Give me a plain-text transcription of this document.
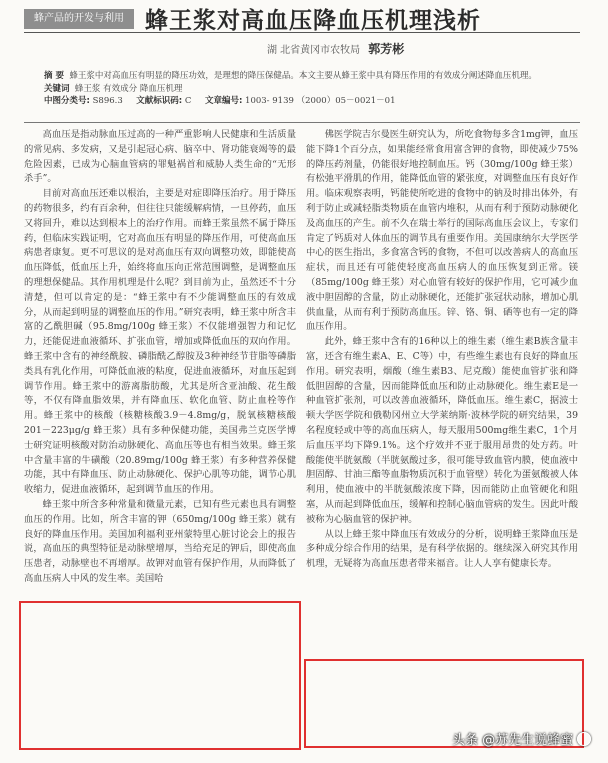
蜂产品的开发与利用 蜂王浆对高血压降血压机理浅析
湖 北省黄冈市农牧局 郭芳彬
摘 要 蜂王浆中对高血压有明显的降压功效，是理想的降压保健品。本文主要从蜂王浆中具有降压作用的有效成分阐述降血压机理。
关键词 蜂王浆 有效成分 降血压机理
中图分类号: S896.3 文献标识码: C 文章编号: 1003- 9139 （2000）05－0021－01

高血压是指动脉血压过高的一种严重影响人民健康和生活质量的常见病、多发病，又是引起冠心病、脑卒中、肾功能衰竭等的最危险因素，已成为心脑血管病的罪魁祸首和威胁人类生命的“无形杀手”。

目前对高血压还难以根治，主要是对症即降压治疗。用于降压的药物很多，约有百余种，但往往只能缓解病情，一旦停药，血压又将回升，难以达到根本上的治疗作用。而蜂王浆虽然不属于降压药，但临床实践证明，它对高血压有明显的降压作用，可使高血压病患者康复。更不可思议的是对高血压有双向调整功效，即能使高血压降低，低血压上升，始终将血压向正常范围调整，是调整血压的理想保健品。其作用机理是什么呢？到目前为止，虽然还不十分清楚，但可以肯定的是：“蜂王浆中有不少能调整血压的有效成分，从而起到明显的调整血压的作用。”研究表明，蜂王浆中所含丰富的乙酰胆碱（95.8mg/100g 蜂王浆）不仅能增强智力和记忆力，还能促进血液循环、扩张血管，增加或降低血压的双向作用。蜂王浆中含有的神经酰胺、磷脂酰乙醇胺及3种神经节苷脂等磷脂类具有乳化作用，可降低血液的粘度，促进血液循环，对血压起到调节作用。蜂王浆中的游离脂肪酸，尤其是所含亚油酸、花生酸等，不仅有降血脂效果，并有降血压、软化血管、防止血栓等作用。蜂王浆中的核酸（核糖核酸3.9－4.8mg/g，脱氧核糖核酸201－223μg/g 蜂王浆）具有多种保健功能，美国弗兰克医学博士研究证明核酸对防治动脉硬化、高血压等也有相当效果。蜂王浆中含量丰富的牛磺酸（20.89mg/100g 蜂王浆）有多种营养保健功能，其中有降血压、防止动脉硬化、保护心肌等功能，调节心肌收缩力，促进血液循环，起到调节血压的作用。

蜂王浆中所含多种常量和微量元素，已知有些元素也具有调整血压的作用。比如，所含丰富的钾（650mg/100g 蜂王浆）就有良好的降血压作用。美国加利福利亚州蒙特里心脏讨论会上的报告说，高血压的典型特征是动脉壁增厚，当给充足的钾后，即使高血压患者，动脉壁也不再增厚。故钾对血管有保护作用，从而降低了高血压病人中风的发生率。美国哈

佛医学院吉尔曼医生研究认为，所吃食物每多含1mg钾，血压能下降1个百分点，如果能经常食用富含钾的食物，即使减少75%的降压药剂量，仍能很好地控制血压。钙（30mg/100g 蜂王浆）有松弛平滑肌的作用，能降低血管的紧张度，对调整血压有良好作用。临床观察表明，钙能使所吃进的食物中的钠及时排出体外，有利于防止或减轻脂类物质在血管内堆积，从而有利于预防动脉硬化及高血压的产生。前不久在瑞士举行的国际高血压会议上，专家们肯定了钙质对人体血压的调节具有重要作用。美国康纳尔大学医学中心的医生指出，多食富含钙的食物，不但可以改善病人的高血压症状，而且还有可能使轻度高血压病人的血压恢复到正常。镁（85mg/100g 蜂王浆）对心血管有较好的保护作用，它可减少血液中胆固醇的含量，防止动脉硬化，还能扩张冠状动脉，增加心肌供血量，从而有利于预防高血压。锌、铬、铜、硒等也有一定的降血压作用。

此外，蜂王浆中含有的16种以上的维生素（维生素B族含量丰富，还含有维生素A、E、C等）中，有些维生素也有良好的降血压作用。研究表明，烟酸（维生素B3、尼克酸）能使血管扩张和降低胆固醇的含量，因而能降低血压和防止动脉硬化。维生素E是一种血管扩张剂，可以改善血液循环，降低血压。维生素C，据波士顿大学医学院和俄勒冈州立大学莱纳斯·波林学院的研究结果，39名程度轻或中等的高血压病人，每天服用500mg维生素C，1个月后血压平均下降9.1%。这个疗效并不亚于服用昂贵的处方药。叶酸能使半胱氨酸（半胱氨酸过多，很可能导致血管内膜，使血液中胆固醇、甘油三酯等血脂物质沉积于血管壁）转化为蛋氨酸被人体利用，使血液中的半胱氨酸浓度下降，因而能防止血管硬化和阻塞，从而起到降低血压，缓解和控制心脑血管病的发生。因此叶酸被称为心脑血管的保护神。

从以上蜂王浆中降血压有效成分的分析，说明蜂王浆降血压是多种成分综合作用的结果，是有科学依据的。继续深入研究其作用机理，无疑将为高血压患者带来福音。让人人享有健康长寿。

头条 @苏先生说蜂蜜
